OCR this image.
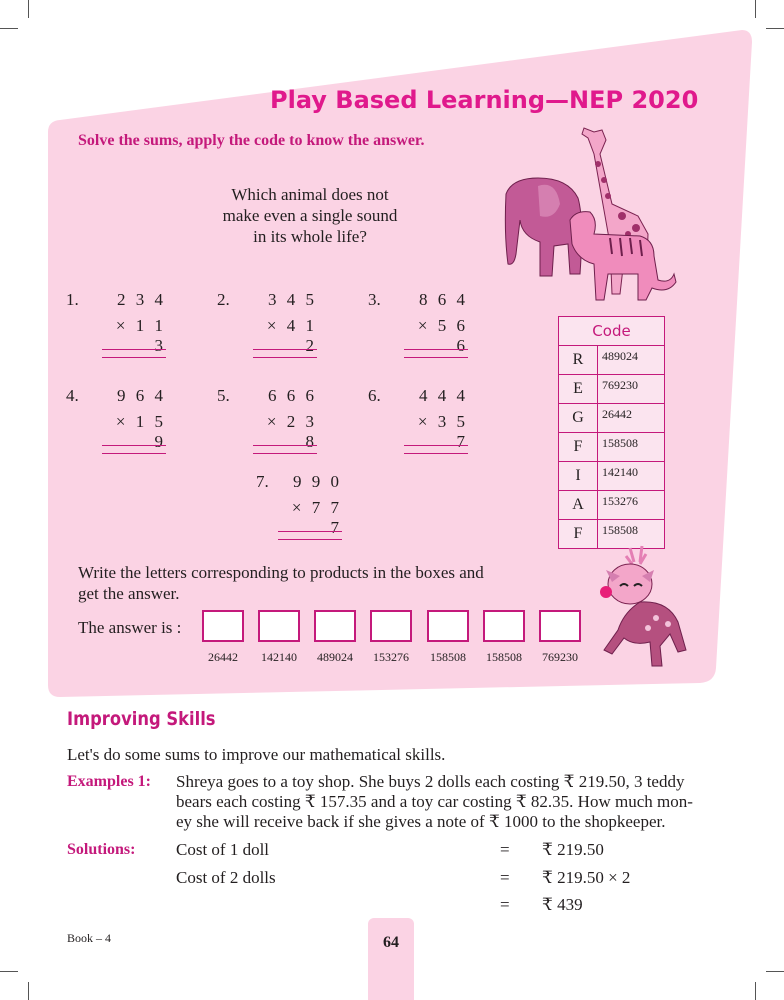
Play Based Learning—NEP 2020
Solve the sums, apply the code to know the answer.
Which animal does not
make even a single sound
in its whole life?
1. 2 3 4
× 1 1 3
2. 3 4 5
× 4 1 2
3. 8 6 4
× 5 6 6
4. 9 6 4
× 1 5 9
5. 6 6 6
× 2 3 8
6. 4 4 4
× 3 5 7
7. 9 9 0
× 7 7 7
Code	
R	489024
E	769230
G	26442
F	158508
I	142140
A	153276
F	158508
Write the letters corresponding to products in the boxes and
get the answer.
The answer is :
26442	142140	489024	153276	158508	158508	769230
Improving Skills
Let's do some sums to improve our mathematical skills.
Examples 1: Shreya goes to a toy shop. She buys 2 dolls each costing ₹ 219.50, 3 teddy
bears each costing ₹ 157.35 and a toy car costing ₹ 82.35. How much mon-
ey she will receive back if she gives a note of ₹ 1000 to the shopkeeper.
Solutions: Cost of 1 doll	= ₹ 219.50
Cost of 2 dolls	= ₹ 219.50 × 2
= ₹ 439
Book – 4	64
